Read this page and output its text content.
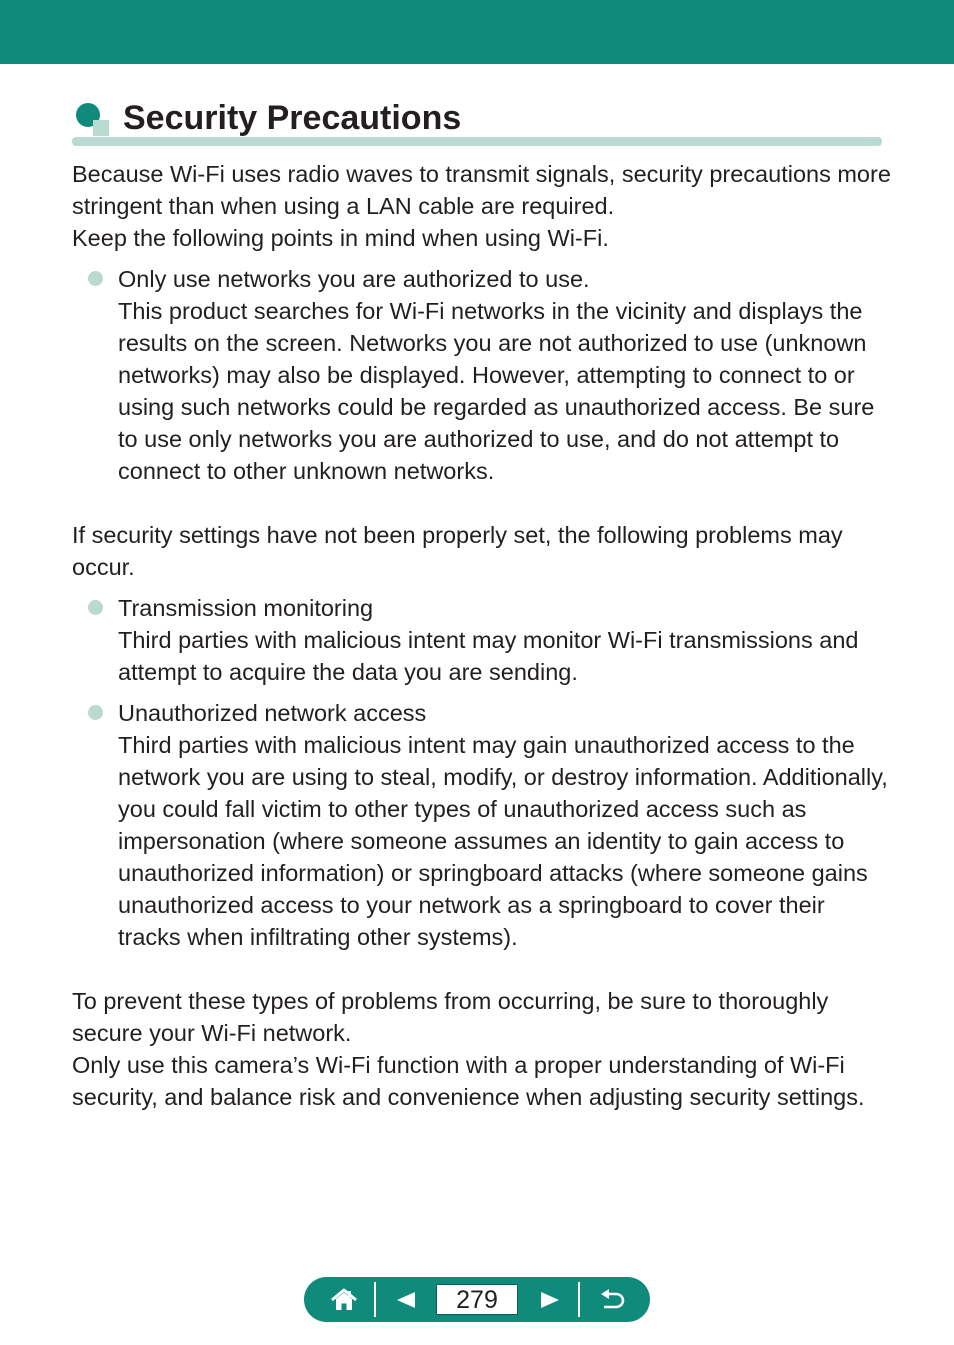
Security Precautions

Because Wi-Fi uses radio waves to transmit signals, security precautions more stringent than when using a LAN cable are required.
Keep the following points in mind when using Wi-Fi.

Only use networks you are authorized to use.
This product searches for Wi-Fi networks in the vicinity and displays the results on the screen. Networks you are not authorized to use (unknown networks) may also be displayed. However, attempting to connect to or using such networks could be regarded as unauthorized access. Be sure to use only networks you are authorized to use, and do not attempt to connect to other unknown networks.

If security settings have not been properly set, the following problems may occur.

Transmission monitoring
Third parties with malicious intent may monitor Wi-Fi transmissions and attempt to acquire the data you are sending.
Unauthorized network access
Third parties with malicious intent may gain unauthorized access to the network you are using to steal, modify, or destroy information. Additionally, you could fall victim to other types of unauthorized access such as impersonation (where someone assumes an identity to gain access to unauthorized information) or springboard attacks (where someone gains unauthorized access to your network as a springboard to cover their tracks when infiltrating other systems).

To prevent these types of problems from occurring, be sure to thoroughly secure your Wi-Fi network.
Only use this camera’s Wi-Fi function with a proper understanding of Wi-Fi security, and balance risk and convenience when adjusting security settings.

279
